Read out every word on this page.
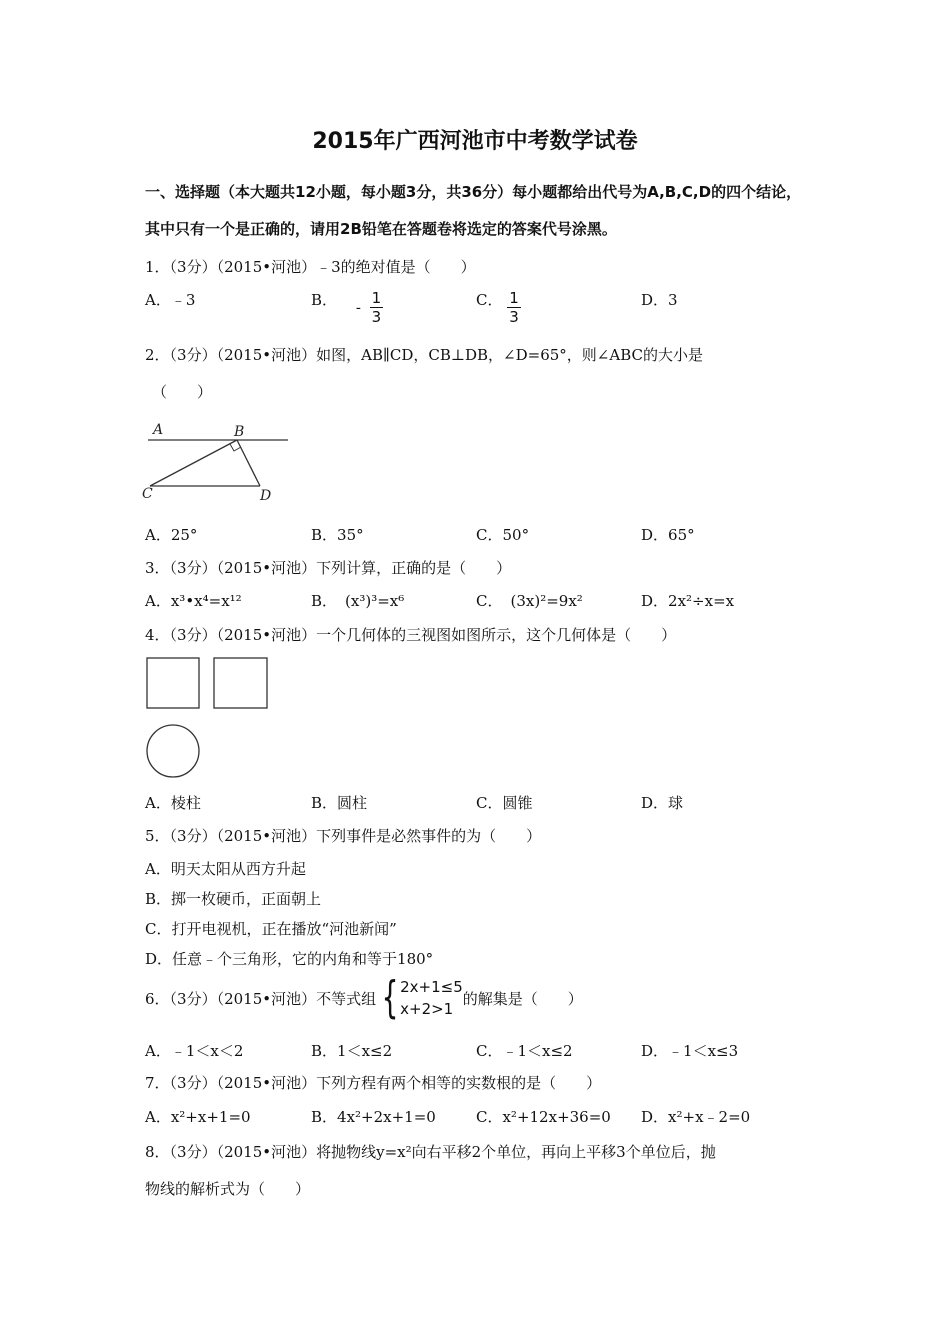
2015年广西河池市中考数学试卷
一、选择题（本大题共12小题，每小题3分，共36分）每小题都给出代号为A,B,C,D的四个结论，其中只有一个是正确的，请用2B铅笔在答题卷将选定的答案代号涂黑。
1．（3分）（2015•河池）﹣3的绝对值是（　　）
A．﹣3	B． - $\frac{1}{3}$	C． $\frac{1}{3}$	D．3
2．（3分）（2015•河池）如图，AB∥CD，CB⊥DB，∠D=65°，则∠ABC的大小是
（　　）
A	B
C	D
A．25°	B．35°	C．50°	D．65°
3．（3分）（2015•河池）下列计算，正确的是（　　）
A．x³•x⁴=x¹²	B． (x³)³=x⁶	C． (3x)²=9x²	D．2x²÷x=x
4．（3分）（2015•河池）一个几何体的三视图如图所示，这个几何体是（　　）
A．棱柱	B．圆柱	C．圆锥	D．球
5．（3分）（2015•河池）下列事件是必然事件的为（　　）
A．明天太阳从西方升起
B．掷一枚硬币，正面朝上
C．打开电视机，正在播放“河池新闻”
D．任意﹣个三角形，它的内角和等于180°
6．（3分）（2015•河池）不等式组 { 2x+1≤5
x+2>1
的解集是（　　）
A．﹣1＜x＜2	B．1＜x≤2	C．﹣1＜x≤2	D．﹣1＜x≤3
7．（3分）（2015•河池）下列方程有两个相等的实数根的是（　　）
A．x²+x+1=0	B．4x²+2x+1=0	C．x²+12x+36=0 D．x²+x﹣2=0
8．（3分）（2015•河池）将抛物线y=x²向右平移2个单位，再向上平移3个单位后，抛
物线的解析式为（　　）
